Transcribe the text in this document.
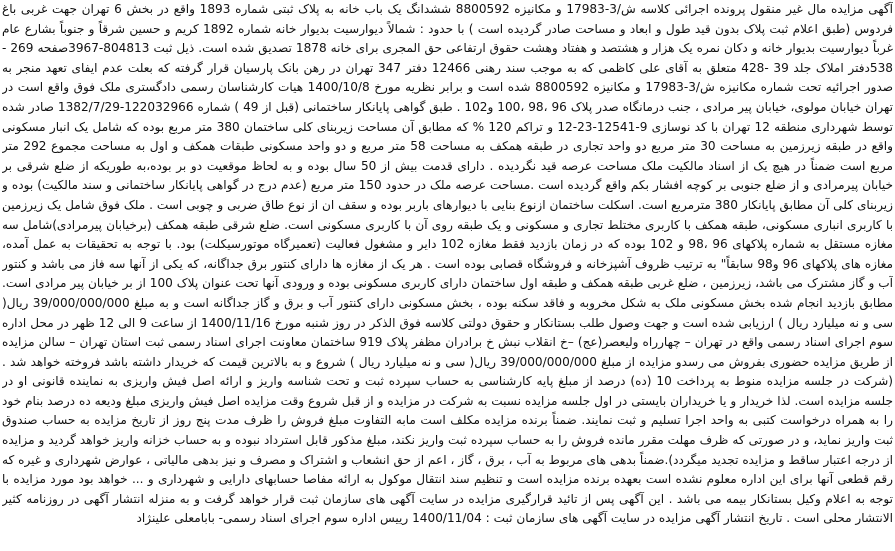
آگهی مزایده مال غیر منقول پرونده اجرائی کلاسه ش/3-17983 و مکانیزه 8800592 ششدانگ یک باب خانه به پلاک ثبتی شماره 1893 واقع در بخش 6 تهران جهت غربی باغ فردوس (طبق اعلام ثبت پلاک بدون قید طول و ابعاد و مساحت صادر گردیده است ) با حدود : شمالاً دیوارسیت بدیوار خانه شماره 1892 کریم و حسین شرقاً و جنوباً بشارع عام غرباً دیوارسیت بدیوار خانه و دکان نمره یک هزار و هشتصد و هفتاد وهشت حقوق ارتفاعی حق المجری برای خانه 1878 تصدیق شده است. ذیل ثبت 804813-3967صفحه 269 - 538دفتر املاک جلد 39 -428 متعلق به آقای علی کاظمی که به موجب سند رهنی 12466 دفتر 347 تهران در رهن بانک پارسیان قرار گرفته که بعلت عدم ایفای تعهد منجر به صدور اجرائیه تحت شماره مکانیزه ش/3-17983 و مکانیزه 8800592 شده است و برابر نظریه مورخ 1400/10/8 هیات کارشناسان رسمی دادگستری ملک فوق واقع است در تهران خیابان مولوی، خیابان پیر مرادی ، جنب درمانگاه صدر پلاک 96 ،98 ،100 و102 . طبق گواهی پایانکار ساختمانی (قبل از 49 ) شماره 122032966-1382/7/29 صادر شده توسط شهرداری منطقه 12 تهران با کد نوسازی 9-12541-23-12 و تراکم 120 % که مطابق آن مساحت زیربنای کلی ساختمان 380 متر مربع بوده که شامل یک انبار مسکونی واقع در طبقه زیرزمین به مساحت 30 متر مربع دو واحد تجاری در طبقه همکف به مساحت 58 متر مربع و دو واحد مسکونی طبقات همکف و اول به مساحت مجموع 292 متر مربع است ضمناً در هیچ یک از اسناد مالکیت ملک مساحت عرصه قید نگردیده . دارای قدمت بیش از 50 سال بوده و به لحاظ موقعیت دو بر بوده،به طوریکه از ضلع شرقی بر خیابان پیرمرادی و از ضلع جنوبی بر کوچه افشار بکم واقع گردیده است .مساحت عرصه ملک در حدود 150 متر مربع (عدم درج در گواهی پایانکار ساختمانی و سند مالکیت) بوده و زیربنای کلی آن مطابق پایانکار 380 مترمربع است. اسکلت ساختمان ازنوع بنایی با دیوارهای باربر بوده و سقف ان از نوع طاق ضربی و چوبی است . ملک فوق شامل یک زیرزمین با کاربری انباری مسکونی، طبقه همکف با کاربری مختلط تجاری و مسکونی و یک طبقه روی آن با کاربری مسکونی است. ضلع شرقی طبقه همکف (برخیابان پیرمرادی)شامل سه مغازه مستقل به شماره پلاکهای 96 ،98 و 102 بوده که در زمان بازدید فقط مغازه 102 دایر و مشغول فعالیت (تعمیرگاه موتورسیکلت) بود. با توجه به تحقیقات به عمل آمده، مغازه های پلاکهای 96 و98 سابقاً" به ترتیب ظروف آشپزخانه و فروشگاه قصابی بوده است . هر یک از مغازه ها دارای کنتور برق جداگانه، که یکی از آنها سه فاز می باشد و کنتور آب و گاز مشترک می باشد، زیرزمین ، ضلع غربی طبقه همکف و طبقه اول ساختمان دارای کاربری مسکونی بوده و ورودی آنها تحت عنوان پلاک 100 از بر خیابان پیر مرادی است. مطابق بازدید انجام شده بخش مسکونی ملک به شکل مخروبه و فاقد سکنه بوده ، بخش مسکونی دارای کنتور آب و برق و گاز جداگانه است و به مبلغ 39/000/000/000 ریال( سی و نه میلیارد ریال ) ارزیابی شده است و جهت وصول طلب بستانکار و حقوق دولتی کلاسه فوق الذکر در روز شنبه مورخ 1400/11/16 از ساعت 9 الی 12 ظهر در محل اداره سوم اجرای اسناد رسمی واقع در تهران – چهارراه ولیعصر(عج) –خ انقلاب نبش خ برادران مظفر پلاک 919 ساختمان معاونت اجرای اسناد رسمی ثبت استان تهران – سالن مزایده از طریق مزایده حضوری بفروش می رسدو مزایده از مبلغ 39/000/000/000 ریال( سی و نه میلیارد ریال ) شروع و به بالاترین قیمت که خریدار داشته باشد فروخته خواهد شد . (شرکت در جلسه مزایده منوط به پرداخت 10 (ده) درصد از مبلغ پایه کارشناسی به حساب سپرده ثبت و تحت شناسه واریز و ارائه اصل فیش واریزی به نماینده قانونی او در جلسه مزایده است. لذا خریدار و یا خریداران بایستی در اول جلسه مزایده نسبت به شرکت در مزایده و از قبل شروع وقت مزایده اصل فیش واریزی مبلغ ودیعه ده درصد بنام خود را به همراه درخواست کتبی به واحد اجرا تسلیم و ثبت نمایند. ضمناً برنده مزایده مکلف است مابه التفاوت مبلغ فروش را ظرف مدت پنج روز از تاریخ مزایده به حساب صندوق ثبت واریز نماید، و در صورتی که ظرف مهلت مقرر مانده فروش را به حساب سپرده ثبت واریز نکند، مبلغ مذکور قابل استرداد نبوده و به حساب خزانه واریز خواهد گردید و مزایده از درجه اعتبار ساقط و مزایده تجدید میگردد).ضمناً بدهی های مربوط به آب ، برق ، گاز ، اعم از حق انشعاب و اشتراک و مصرف و نیز بدهی مالیاتی ، عوارض شهرداری و غیره که رقم قطعی آنها برای این اداره معلوم نشده است بعهده برنده مزایده است و تنظیم سند انتقال موکول به ارائه مفاصا حسابهای دارایی و شهرداری و ... خواهد بود مورد مزایده با توجه به اعلام وکیل بستانکار بیمه می باشد . این آگهی پس از تائید قرارگیری مزایده در سایت آگهی های سازمان ثبت قرار خواهد گرفت و به منزله انتشار آگهی در روزنامه کثیر الانتشار محلی است . تاریخ انتشار آگهی مزایده در سایت آگهی های سازمان ثبت : 1400/11/04 رییس اداره سوم اجرای اسناد رسمی- بابامعلی علینژاد
